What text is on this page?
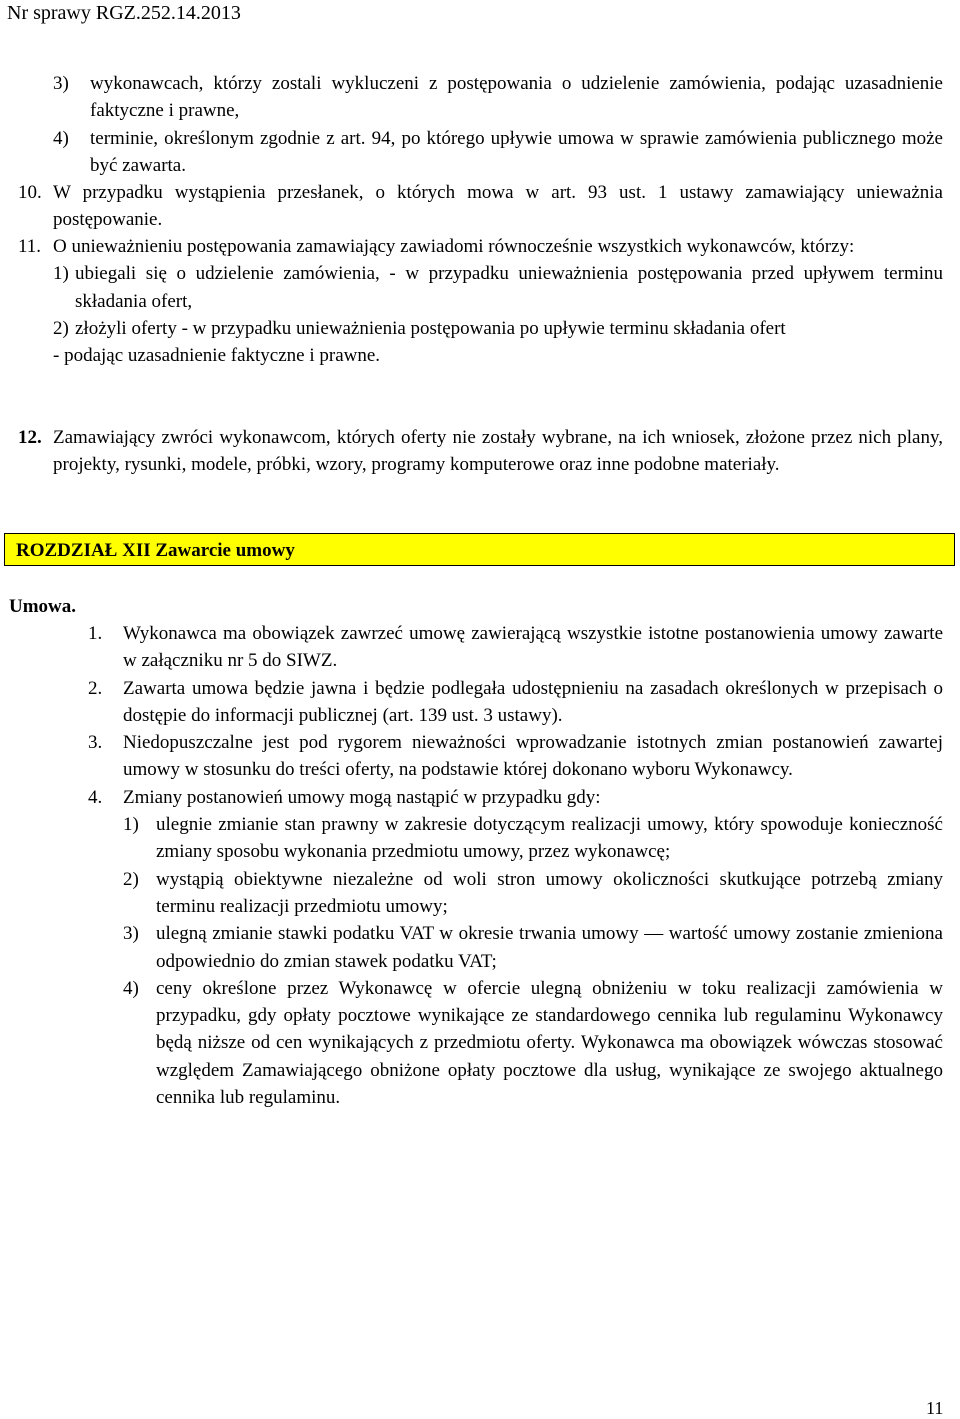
Nr sprawy RGZ.252.14.2013
3)	wykonawcach, którzy zostali wykluczeni z postępowania o udzielenie zamówienia, podając uzasadnienie faktyczne i prawne,
4)	terminie, określonym zgodnie z art. 94, po którego upływie umowa w sprawie zamówienia publicznego może być zawarta.
10. W przypadku wystąpienia przesłanek, o których mowa w art. 93 ust. 1 ustawy zamawiający unieważnia postępowanie.
11. O unieważnieniu postępowania zamawiający zawiadomi równocześnie wszystkich wykonawców, którzy:
1) ubiegali się o udzielenie zamówienia, - w przypadku unieważnienia postępowania przed upływem terminu składania ofert,
2) złożyli oferty - w przypadku unieważnienia postępowania po upływie terminu składania ofert

- podając uzasadnienie faktyczne i prawne.

12. Zamawiający zwróci wykonawcom, których oferty nie zostały wybrane, na ich wniosek, złożone przez nich plany, projekty, rysunki, modele, próbki, wzory, programy komputerowe oraz inne podobne materiały.
ROZDZIAŁ XII Zawarcie umowy
Umowa.
1.	Wykonawca ma obowiązek zawrzeć umowę zawierającą wszystkie istotne postanowienia umowy zawarte w załączniku nr 5 do SIWZ.
2.	Zawarta umowa będzie jawna i będzie podlegała udostępnieniu na zasadach określonych w przepisach o dostępie do informacji publicznej (art. 139 ust. 3 ustawy).
3.	Niedopuszczalne jest pod rygorem nieważności wprowadzanie istotnych zmian postanowień zawartej umowy w stosunku do treści oferty, na podstawie której dokonano wyboru Wykonawcy.
4.	Zmiany postanowień umowy mogą nastąpić w przypadku gdy:
1) ulegnie zmianie stan prawny w zakresie dotyczącym realizacji umowy, który spowoduje konieczność zmiany sposobu wykonania przedmiotu umowy, przez wykonawcę;
2) wystąpią obiektywne niezależne od woli stron umowy okoliczności skutkujące potrzebą zmiany terminu realizacji przedmiotu umowy;
3) ulegną zmianie stawki podatku VAT w okresie trwania umowy — wartość umowy zostanie zmieniona odpowiednio do zmian stawek podatku VAT;
4) ceny określone przez Wykonawcę w ofercie ulegną obniżeniu w toku realizacji zamówienia w przypadku, gdy opłaty pocztowe wynikające ze standardowego cennika lub regulaminu Wykonawcy będą niższe od cen wynikających z przedmiotu oferty. Wykonawca ma obowiązek wówczas stosować względem Zamawiającego obniżone opłaty pocztowe dla usług, wynikające ze swojego aktualnego cennika lub regulaminu.
11
